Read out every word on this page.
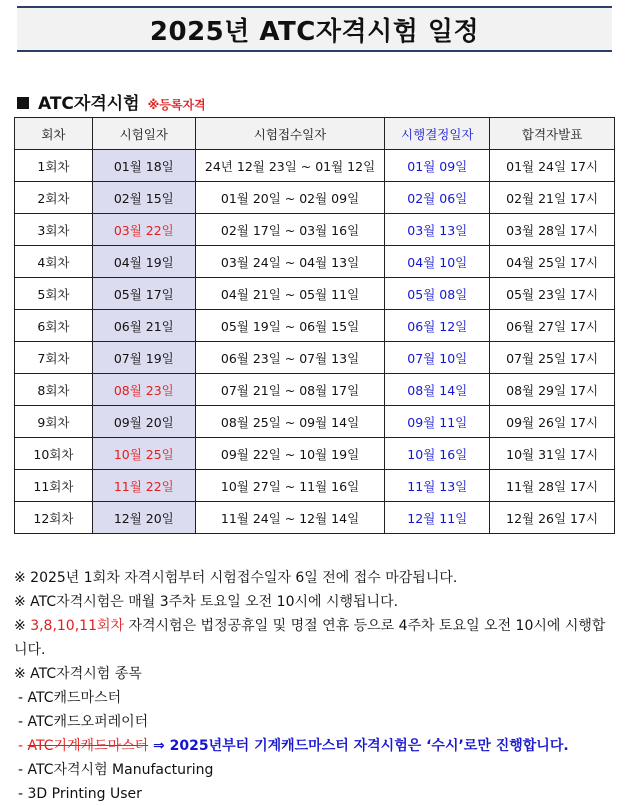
2025년 ATC자격시험 일정
ATC자격시험 ※등록자격
회차	시험일자	시험접수일자	시행결정일자	합격자발표
1회차	01월 18일	24년 12월 23일 ~ 01월 12일	01월 09일	01월 24일 17시
2회차	02월 15일	01월 20일 ~ 02월 09일	02월 06일	02월 21일 17시
3회차	03월 22일	02월 17일 ~ 03월 16일	03월 13일	03월 28일 17시
4회차	04월 19일	03월 24일 ~ 04월 13일	04월 10일	04월 25일 17시
5회차	05월 17일	04월 21일 ~ 05월 11일	05월 08일	05월 23일 17시
6회차	06월 21일	05월 19일 ~ 06월 15일	06월 12일	06월 27일 17시
7회차	07월 19일	06월 23일 ~ 07월 13일	07월 10일	07월 25일 17시
8회차	08월 23일	07월 21일 ~ 08월 17일	08월 14일	08월 29일 17시
9회차	09월 20일	08월 25일 ~ 09월 14일	09월 11일	09월 26일 17시
10회차	10월 25일	09월 22일 ~ 10월 19일	10월 16일	10월 31일 17시
11회차	11월 22일	10월 27일 ~ 11월 16일	11월 13일	11월 28일 17시
12회차	12월 20일	11월 24일 ~ 12월 14일	12월 11일	12월 26일 17시
※ 2025년 1회차 자격시험부터 시험접수일자 6일 전에 접수 마감됩니다.
※ ATC자격시험은 매월 3주차 토요일 오전 10시에 시행됩니다.
※ 3,8,10,11회차 자격시험은 법정공휴일 및 명절 연휴 등으로 4주차 토요일 오전 10시에 시행합니다.
※ ATC자격시험 종목
- ATC캐드마스터
- ATC캐드오퍼레이터
- ATC기계캐드마스터 ⇒ 2025년부터 기계캐드마스터 자격시험은 ‘수시’로만 진행합니다.
- ATC자격시험 Manufacturing
- 3D Printing User
